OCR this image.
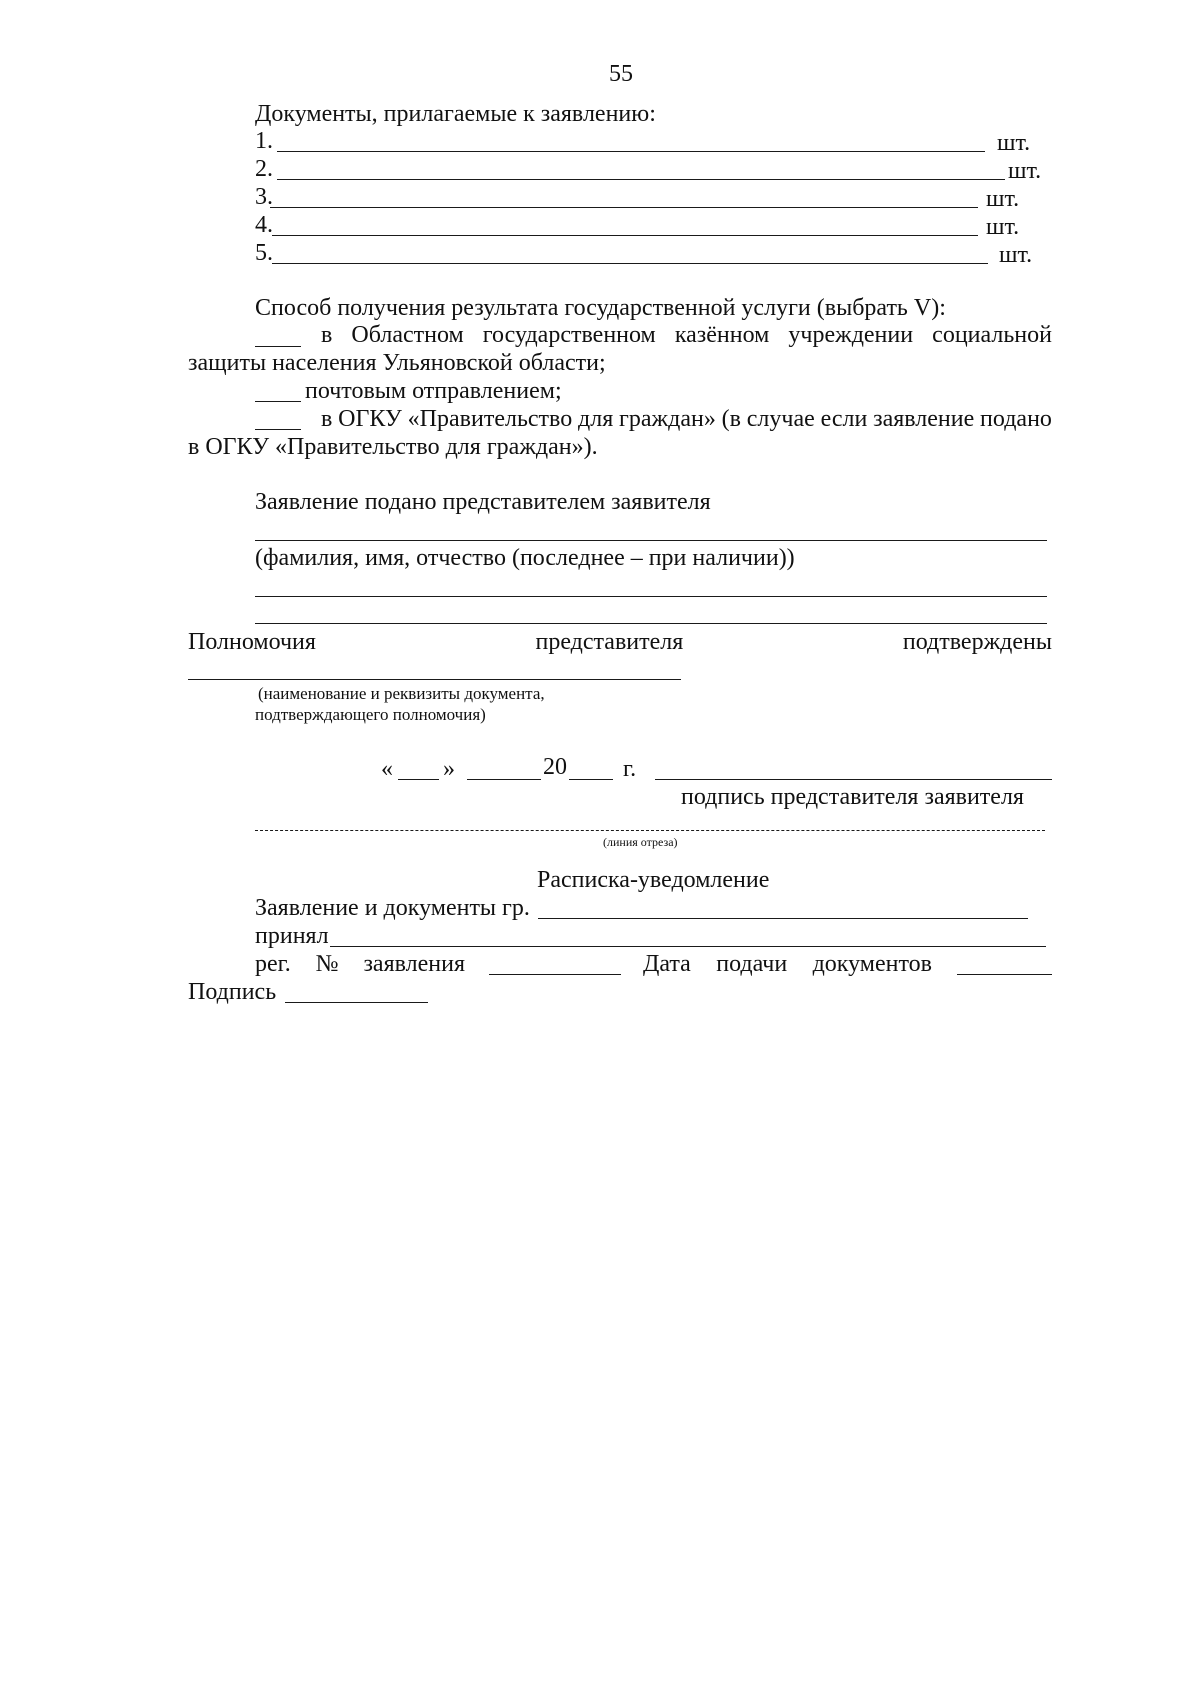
55
Документы, прилагаемые к заявлению:
1.	шт.
2.	шт.
3.	шт.
4.	шт.
5.	шт.
Способ получения результата государственной услуги (выбрать V):
в Областном государственном казённом учреждении социальной
защиты населения Ульяновской области;
почтовым отправлением;
в ОГКУ «Правительство для граждан» (в случае если заявление подано
в ОГКУ «Правительство для граждан»).
Заявление подано представителем заявителя
(фамилия, имя, отчество (последнее – при наличии))
Полномочия	представителя	подтверждены
(наименование и реквизиты документа,
подтверждающего полномочия)
« »	20 г.
подпись представителя заявителя
(линия отреза)
Расписка-уведомление
Заявление и документы гр.
принял
рег. № заявления	Дата подачи документов
Подпись
